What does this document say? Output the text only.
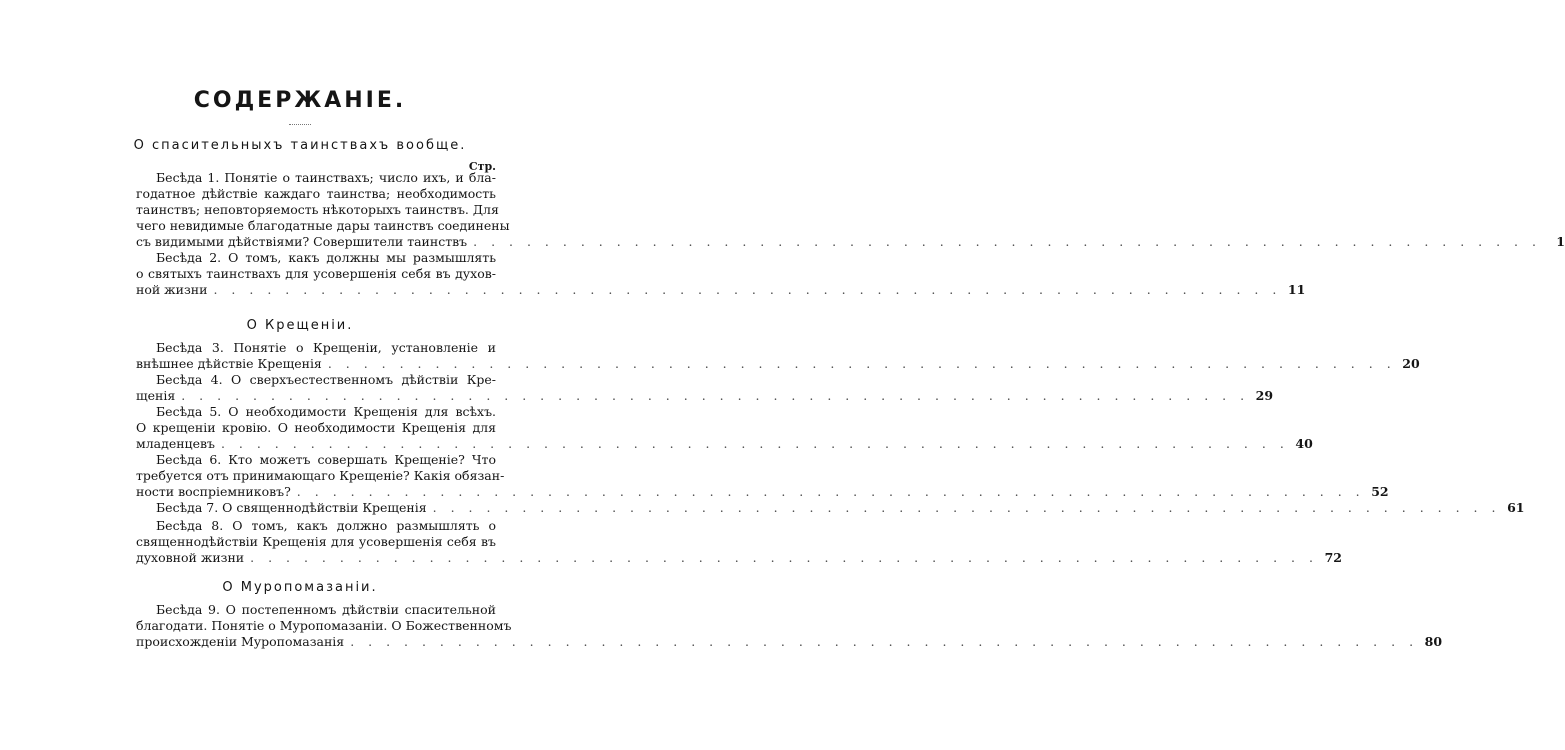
СОДЕРЖАНІЕ.
Стр.
О спасительныхъ таинствахъ вообще.
Бесѣда 1. Понятіе о таинствахъ; число ихъ, и бла-
годатное дѣйствіе каждаго таинства; необходимость
таинствъ; неповторяемость нѣкоторыхъ таинствъ. Для
чего невидимые благодатные дары таинствъ соединены
съ видимыми дѣйствіями? Совершители таинствъ . . .	1
Бесѣда 2. О томъ, какъ должны мы размышлять
о святыхъ таинствахъ для усовершенія себя въ духов-
ной жизни . . .	11
О Крещеніи.
Бесѣда 3. Понятіе о Крещеніи, установленіе и
внѣшнее дѣйствіе Крещенія . . .	20
Бесѣда 4. О сверхъестественномъ дѣйствіи Кре-
щенія . . .	29
Бесѣда 5. О необходимости Крещенія для всѣхъ.
О крещеніи кровію. О необходимости Крещенія для
младенцевъ . . .	40
Бесѣда 6. Кто можетъ совершать Крещеніе? Что
требуется отъ принимающаго Крещеніе? Какія обязан-
ности воспріемниковъ? . . .	52
Бесѣда 7. О священнодѣйствіи Крещенія . . .	61
Бесѣда 8. О томъ, какъ должно размышлять о
священнодѣйствіи Крещенія для усовершенія себя въ
духовной жизни . . .	72
О Муропомазаніи.
Бесѣда 9. О постепенномъ дѣйствіи спасительной
благодати. Понятіе о Муропомазаніи. О Божественномъ
происхожденіи Муропомазанія . . .	80
